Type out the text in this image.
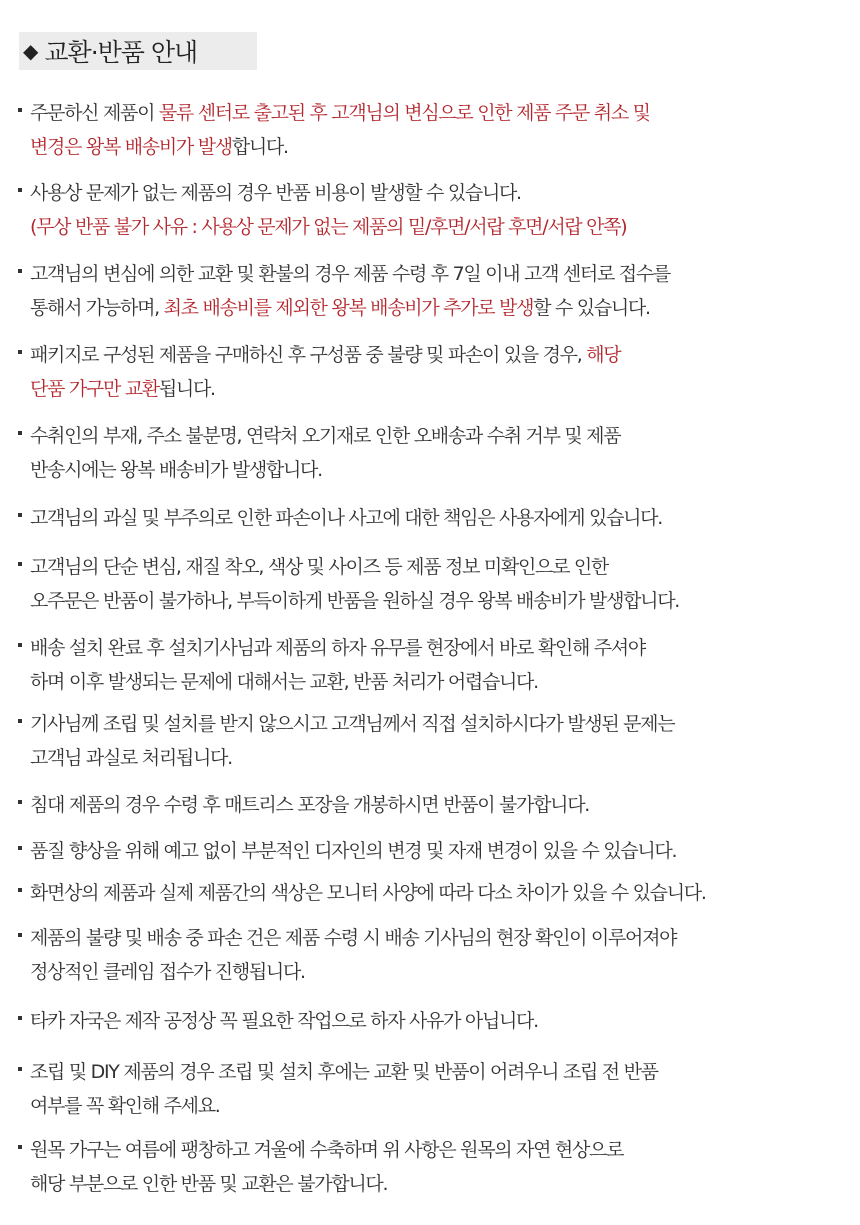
◆ 교환·반품 안내
주문하신 제품이 물류 센터로 출고된 후 고객님의 변심으로 인한 제품 주문 취소 및
변경은 왕복 배송비가 발생합니다.
사용상 문제가 없는 제품의 경우 반품 비용이 발생할 수 있습니다.
(무상 반품 불가 사유 : 사용상 문제가 없는 제품의 밑/후면/서랍 후면/서랍 안쪽)
고객님의 변심에 의한 교환 및 환불의 경우 제품 수령 후 7일 이내 고객 센터로 접수를
통해서 가능하며, 최초 배송비를 제외한 왕복 배송비가 추가로 발생할 수 있습니다.
패키지로 구성된 제품을 구매하신 후 구성품 중 불량 및 파손이 있을 경우, 해당
단품 가구만 교환됩니다.
수취인의 부재, 주소 불분명, 연락처 오기재로 인한 오배송과 수취 거부 및 제품
반송시에는 왕복 배송비가 발생합니다.
고객님의 과실 및 부주의로 인한 파손이나 사고에 대한 책임은 사용자에게 있습니다.
고객님의 단순 변심, 재질 착오, 색상 및 사이즈 등 제품 정보 미확인으로 인한
오주문은 반품이 불가하나, 부득이하게 반품을 원하실 경우 왕복 배송비가 발생합니다.
배송 설치 완료 후 설치기사님과 제품의 하자 유무를 현장에서 바로 확인해 주셔야
하며 이후 발생되는 문제에 대해서는 교환, 반품 처리가 어렵습니다.
기사님께 조립 및 설치를 받지 않으시고 고객님께서 직접 설치하시다가 발생된 문제는
고객님 과실로 처리됩니다.
침대 제품의 경우 수령 후 매트리스 포장을 개봉하시면 반품이 불가합니다.
품질 향상을 위해 예고 없이 부분적인 디자인의 변경 및 자재 변경이 있을 수 있습니다.
화면상의 제품과 실제 제품간의 색상은 모니터 사양에 따라 다소 차이가 있을 수 있습니다.
제품의 불량 및 배송 중 파손 건은 제품 수령 시 배송 기사님의 현장 확인이 이루어져야
정상적인 클레임 접수가 진행됩니다.
타카 자국은 제작 공정상 꼭 필요한 작업으로 하자 사유가 아닙니다.
조립 및 DIY 제품의 경우 조립 및 설치 후에는 교환 및 반품이 어려우니 조립 전 반품
여부를 꼭 확인해 주세요.
원목 가구는 여름에 팽창하고 겨울에 수축하며 위 사항은 원목의 자연 현상으로
해당 부분으로 인한 반품 및 교환은 불가합니다.
